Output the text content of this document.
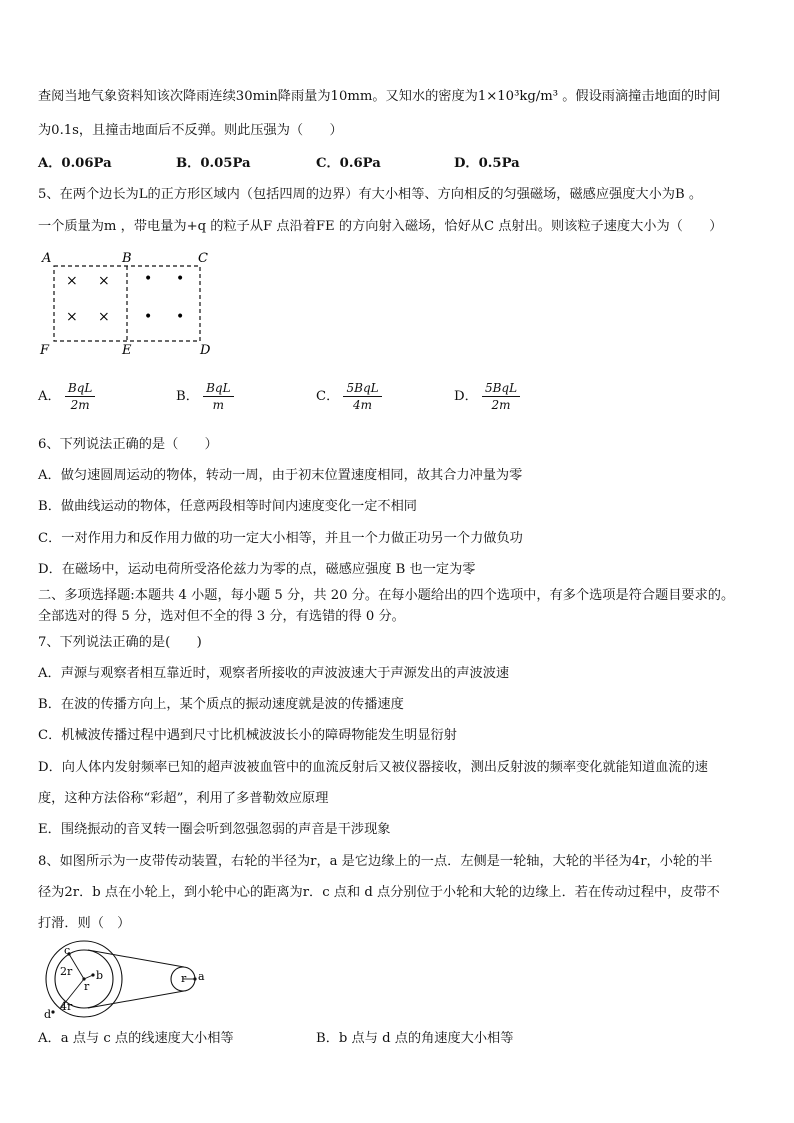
查阅当地气象资料知该次降雨连续30min降雨量为10mm。又知水的密度为1×10³kg/m³ 。假设雨滴撞击地面的时间
为0.1s，且撞击地面后不反弹。则此压强为（　　）
A．0.06Pa	B．0.05Pa	C．0.6Pa	D．0.5Pa
5、在两个边长为L的正方形区域内（包括四周的边界）有大小相等、方向相反的匀强磁场，磁感应强度大小为B 。
一个质量为m ，带电量为+q 的粒子从F 点沿着FE 的方向射入磁场，恰好从C 点射出。则该粒子速度大小为（　　）
A	B	C
F	E	D
× ×
× ×
• •
• •
A． $\frac{\text{BqL}}{2m}$	B． $\frac{\text{BqL}}{m}$	C． $\frac{\text{5BqL}}{4m}$	D． $\frac{\text{5BqL}}{2m}$
6、下列说法正确的是（　　）
A．做匀速圆周运动的物体，转动一周，由于初末位置速度相同，故其合力冲量为零
B．做曲线运动的物体，任意两段相等时间内速度变化一定不相同
C．一对作用力和反作用力做的功一定大小相等，并且一个力做正功另一个力做负功
D．在磁场中，运动电荷所受洛伦兹力为零的点，磁感应强度 B 也一定为零
二、多项选择题:本题共 4 小题，每小题 5 分，共 20 分。在每小题给出的四个选项中，有多个选项是符合题目要求的。
全部选对的得 5 分，选对但不全的得 3 分，有选错的得 0 分。
7、下列说法正确的是(　　)
A．声源与观察者相互靠近时，观察者所接收的声波波速大于声源发出的声波波速
B．在波的传播方向上，某个质点的振动速度就是波的传播速度
C．机械波传播过程中遇到尺寸比机械波波长小的障碍物能发生明显衍射
D．向人体内发射频率已知的超声波被血管中的血流反射后又被仪器接收，测出反射波的频率变化就能知道血流的速
度，这种方法俗称“彩超”，利用了多普勒效应原理
E．围绕振动的音叉转一圈会听到忽强忽弱的声音是干涉现象
8、如图所示为一皮带传动装置，右轮的半径为r，a 是它边缘上的一点．左侧是一轮轴，大轮的半径为4r，小轮的半
径为2r．b 点在小轮上，到小轮中心的距离为r．c 点和 d 点分别位于小轮和大轮的边缘上．若在传动过程中，皮带不
打滑．则（　）
c
2r
r
b
4r
d
r a
A．a 点与 c 点的线速度大小相等	B．b 点与 d 点的角速度大小相等
